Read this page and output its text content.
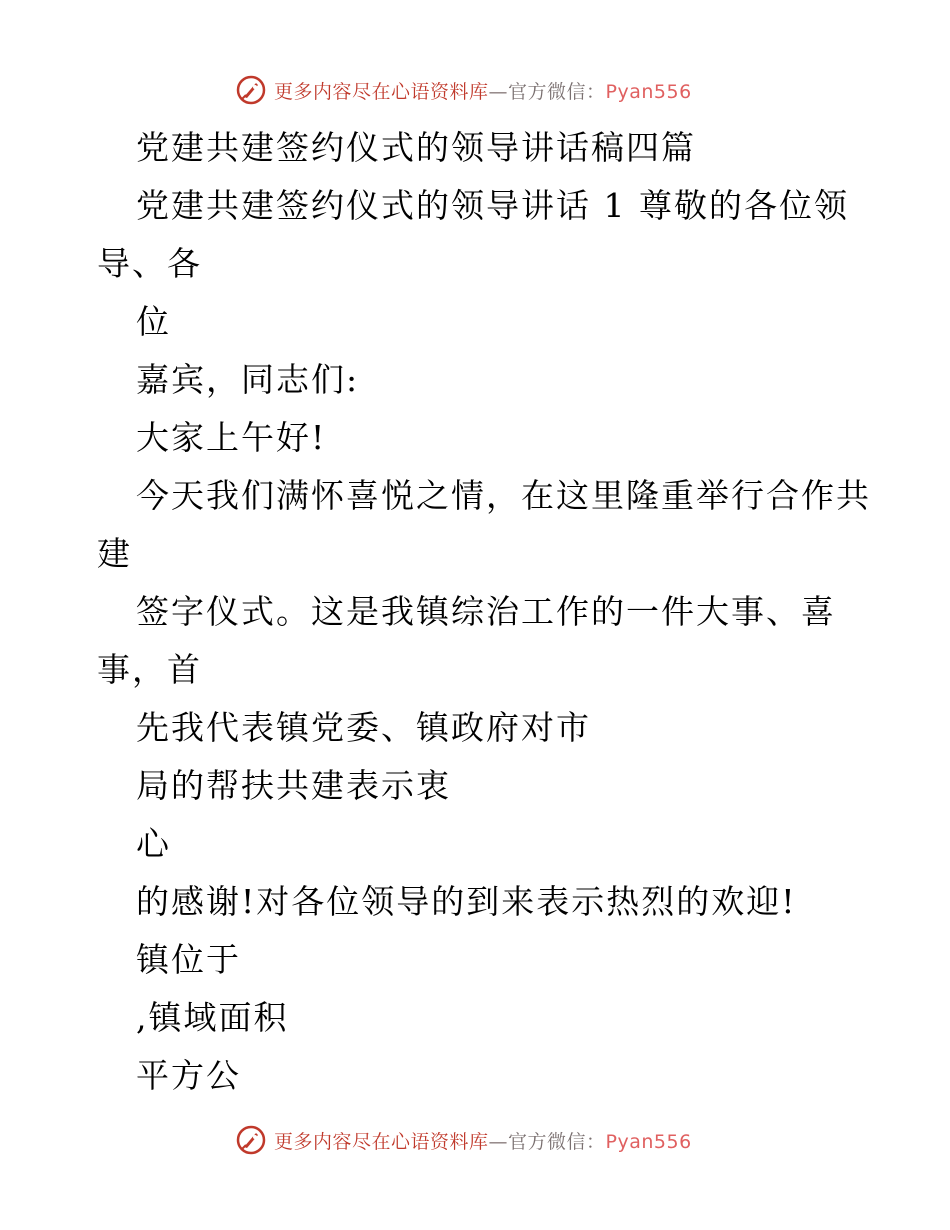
更多内容尽在心语资料库—官方微信：Pyan556
党建共建签约仪式的领导讲话稿四篇
党建共建签约仪式的领导讲话 1 尊敬的各位领
导、各
位
嘉宾，同志们:
大家上午好!
今天我们满怀喜悦之情，在这里隆重举行合作共
建
签字仪式。这是我镇综治工作的一件大事、喜
事，首
先我代表镇党委、镇政府对市
局的帮扶共建表示衷
心
的感谢!对各位领导的到来表示热烈的欢迎!
镇位于
,镇域面积
平方公
更多内容尽在心语资料库—官方微信：Pyan556
